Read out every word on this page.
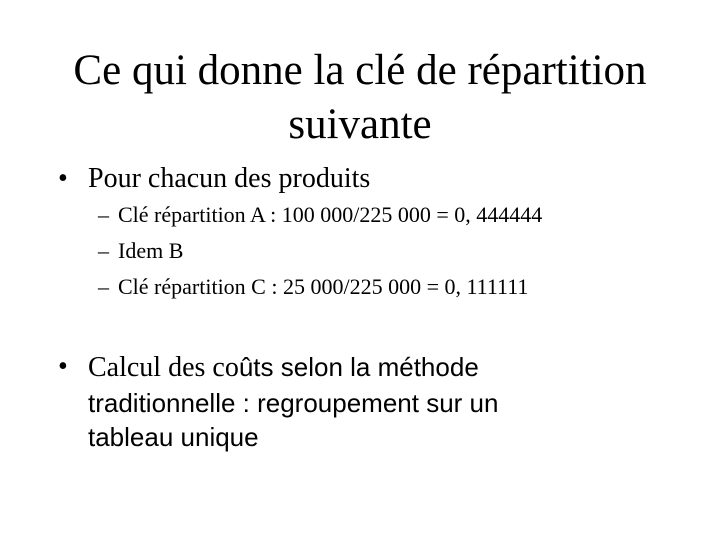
Ce qui donne la clé de répartition
suivante
• Pour chacun des produits
– Clé répartition A : 100 000/225 000 = 0, 444444
– Idem B
– Clé répartition C : 25 000/225 000 = 0, 111111
• Calcul des coûts selon la méthode
traditionnelle : regroupement sur un
tableau unique
